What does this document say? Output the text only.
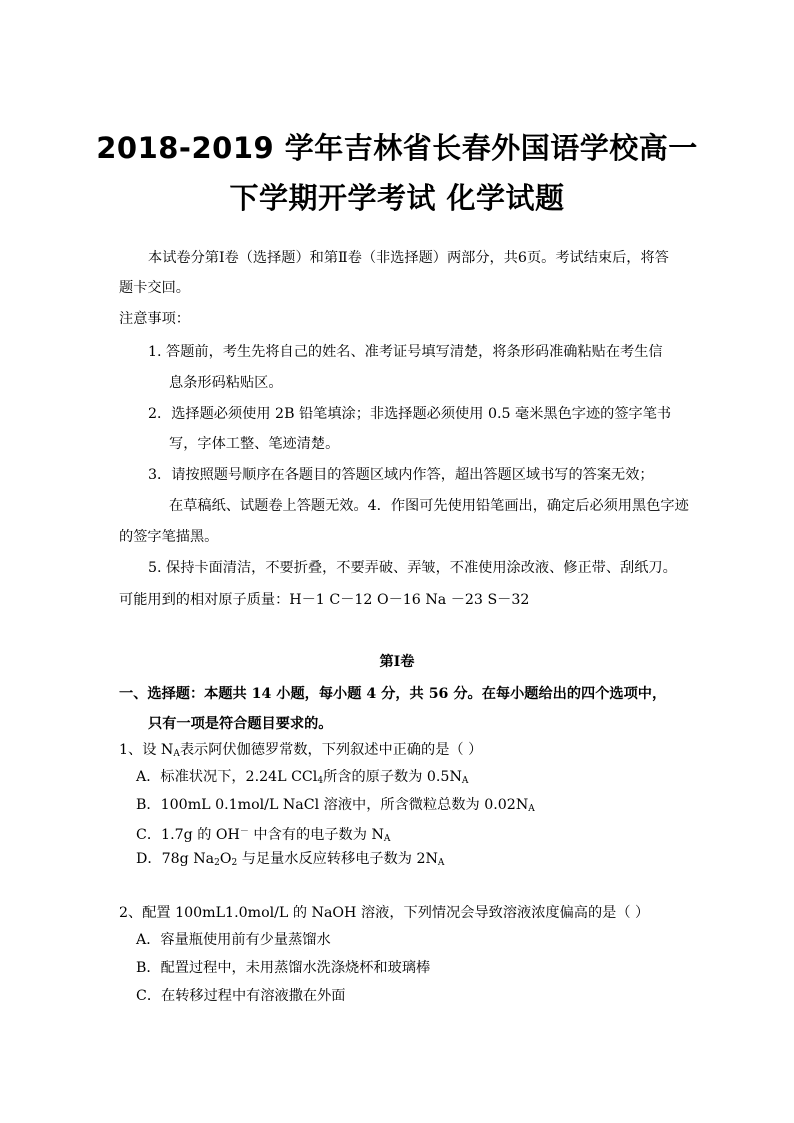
2018-2019 学年吉林省长春外国语学校高一
下学期开学考试 化学试题
本试卷分第Ⅰ卷（选择题）和第Ⅱ卷（非选择题）两部分，共6页。考试结束后，将答
题卡交回。
注意事项：
1. 答题前，考生先将自己的姓名、准考证号填写清楚，将条形码准确粘贴在考生信
息条形码粘贴区。
2．选择题必须使用 2B 铅笔填涂；非选择题必须使用 0.5 毫米黑色字迹的签字笔书
写，字体工整、笔迹清楚。
3．请按照题号顺序在各题目的答题区域内作答，超出答题区域书写的答案无效；
在草稿纸、试题卷上答题无效。4．作图可先使用铅笔画出，确定后必须用黑色字迹
的签字笔描黑。
5. 保持卡面清洁，不要折叠，不要弄破、弄皱，不准使用涂改液、修正带、刮纸刀。
可能用到的相对原子质量：H－1 C－12 O－16 Na －23 S－32
第Ⅰ卷
一、选择题：本题共 14 小题，每小题 4 分，共 56 分。在每小题给出的四个选项中，
只有一项是符合题目要求的。
1、设 $N_A$表示阿伏伽德罗常数，下列叙述中正确的是（ ）
A．标准状况下，2.24L CCl$_4$所含的原子数为 $0.5N_A$
B．100mL 0.1mol/L NaCl 溶液中，所含微粒总数为 $0.02N_A$
C．1.7g 的 OH－ 中含有的电子数为 $N_A$
D．78g $Na_2O_2$ 与足量水反应转移电子数为 $2N_A$
2、配置 100mL1.0mol/L 的 NaOH 溶液，下列情况会导致溶液浓度偏高的是（ ）
A．容量瓶使用前有少量蒸馏水
B．配置过程中，未用蒸馏水洗涤烧杯和玻璃棒
C．在转移过程中有溶液撒在外面
